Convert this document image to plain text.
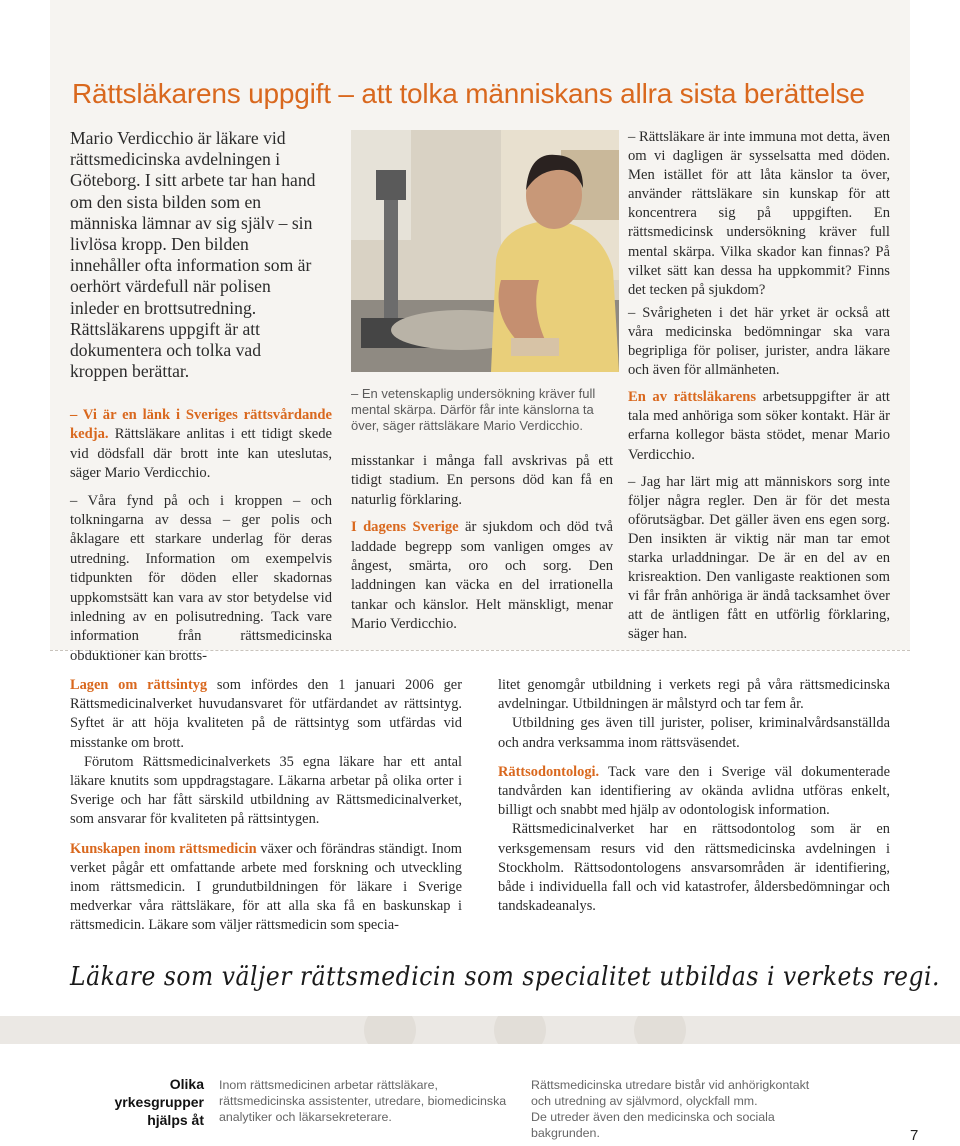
Rättsläkarens uppgift – att tolka människans allra sista berättelse

Mario Verdicchio är läkare vid rättsmedicinska avdelningen i Göteborg. I sitt arbete tar han hand om den sista bilden som en människa lämnar av sig själv – sin livlösa kropp. Den bilden innehåller ofta information som är oerhört värdefull när polisen inleder en brottsutredning. Rättsläkarens uppgift är att dokumentera och tolka vad kroppen berättar.

– Vi är en länk i Sveriges rättsvårdande kedja. Rättsläkare anlitas i ett tidigt skede vid dödsfall där brott inte kan uteslutas, säger Mario Verdicchio.

– Våra fynd på och i kroppen – och tolkningarna av dessa – ger polis och åklagare ett starkare underlag för deras utredning. Information om exempelvis tidpunkten för döden eller skadornas uppkomstsätt kan vara av stor betydelse vid inledning av en polisutredning. Tack vare information från rättsmedicinska obduktioner kan brotts-

– En vetenskaplig undersökning kräver full mental skärpa. Därför får inte känslorna ta över, säger rättsläkare Mario Verdicchio.

misstankar i många fall avskrivas på ett tidigt stadium. En persons död kan få en naturlig förklaring.

I dagens Sverige är sjukdom och död två laddade begrepp som vanligen omges av ångest, smärta, oro och sorg. Den laddningen kan väcka en del irrationella tankar och känslor. Helt mänskligt, menar Mario Verdicchio.

– Rättsläkare är inte immuna mot detta, även om vi dagligen är sysselsatta med döden. Men istället för att låta känslor ta över, använder rättsläkare sin kunskap för att koncentrera sig på uppgiften. En rättsmedicinsk undersökning kräver full mental skärpa. Vilka skador kan finnas? På vilket sätt kan dessa ha uppkommit? Finns det tecken på sjukdom?

– Svårigheten i det här yrket är också att våra medicinska bedömningar ska vara begripliga för poliser, jurister, andra läkare och även för allmänheten.

En av rättsläkarens arbetsuppgifter är att tala med anhöriga som söker kontakt. Här är erfarna kollegor bästa stödet, menar Mario Verdicchio.

– Jag har lärt mig att människors sorg inte följer några regler. Den är för det mesta oförutsägbar. Det gäller även ens egen sorg. Den insikten är viktig när man tar emot starka urladdningar. De är en del av en krisreaktion. Den vanligaste reaktionen som vi får från anhöriga är ändå tacksamhet över att de äntligen fått en utförlig förklaring, säger han.

Lagen om rättsintyg som infördes den 1 januari 2006 ger Rättsmedicinalverket huvudansvaret för utfärdandet av rättsintyg. Syftet är att höja kvaliteten på de rättsintyg som utfärdas vid misstanke om brott.

Förutom Rättsmedicinalverkets 35 egna läkare har ett antal läkare knutits som uppdragstagare. Läkarna arbetar på olika orter i Sverige och har fått särskild utbildning av Rättsmedicinalverket, som ansvarar för kvaliteten på rättsintygen.

Kunskapen inom rättsmedicin växer och förändras ständigt. Inom verket pågår ett omfattande arbete med forskning och utveckling inom rättsmedicin. I grundutbildningen för läkare i Sverige medverkar våra rättsläkare, för att alla ska få en baskunskap i rättsmedicin. Läkare som väljer rättsmedicin som specia-

litet genomgår utbildning i verkets regi på våra rättsmedicinska avdelningar. Utbildningen är målstyrd och tar fem år.

Utbildning ges även till jurister, poliser, kriminalvårdsanställda och andra verksamma inom rättsväsendet.

Rättsodontologi. Tack vare den i Sverige väl dokumenterade tandvården kan identifiering av okända avlidna utföras enkelt, billigt och snabbt med hjälp av odontologisk information.

Rättsmedicinalverket har en rättsodontolog som är en verksgemensam resurs vid den rättsmedicinska avdelningen i Stockholm. Rättsodontologens ansvarsområden är identifiering, både i individuella fall och vid katastrofer, åldersbedömningar och tandskadeanalys.

Läkare som väljer rättsmedicin som specialitet utbildas i verkets regi.

Olika
yrkesgrupper
hjälps åt

Inom rättsmedicinen arbetar rättsläkare, rättsmedicinska assistenter, utredare, biomedicinska analytiker och läkarsekreterare.

Rättsmedicinska utredare bistår vid anhörigkontakt och utredning av självmord, olyckfall mm.

De utreder även den medicinska och sociala bakgrunden.	7
